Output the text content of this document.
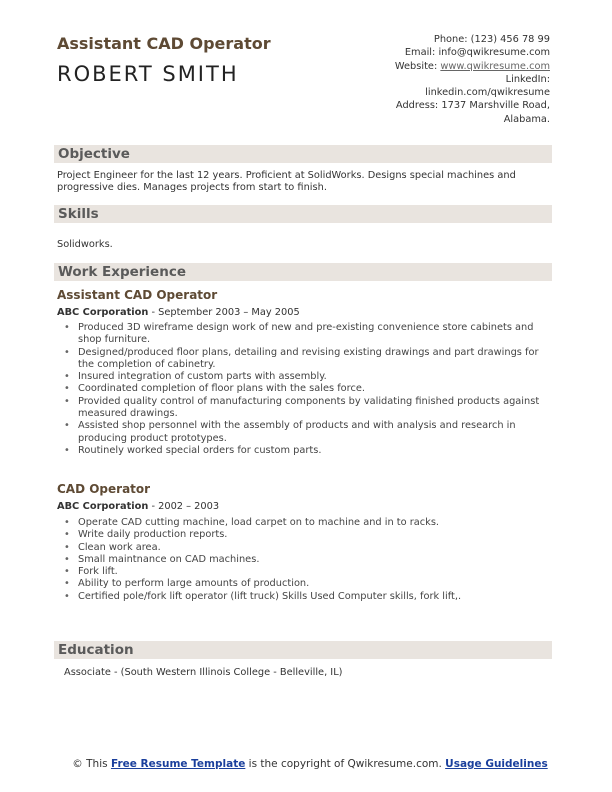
Assistant CAD Operator
ROBERT SMITH
Phone: (123) 456 78 99
Email: info@qwikresume.com
Website: www.qwikresume.com
LinkedIn:
linkedin.com/qwikresume
Address: 1737 Marshville Road,
Alabama.
Objective
Project Engineer for the last 12 years. Proficient at SolidWorks. Designs special machines and progressive dies. Manages projects from start to finish.
Skills
Solidworks.
Work Experience
Assistant CAD Operator
ABC Corporation - September 2003 – May 2005
• Produced 3D wireframe design work of new and pre-existing convenience store cabinets and shop furniture.
• Designed/produced floor plans, detailing and revising existing drawings and part drawings for the completion of cabinetry.
• Insured integration of custom parts with assembly.
• Coordinated completion of floor plans with the sales force.
• Provided quality control of manufacturing components by validating finished products against measured drawings.
• Assisted shop personnel with the assembly of products and with analysis and research in producing product prototypes.
• Routinely worked special orders for custom parts.
CAD Operator
ABC Corporation - 2002 – 2003
• Operate CAD cutting machine, load carpet on to machine and in to racks.
• Write daily production reports.
• Clean work area.
• Small maintnance on CAD machines.
• Fork lift.
• Ability to perform large amounts of production.
• Certified pole/fork lift operator (lift truck) Skills Used Computer skills, fork lift,.
Education
Associate - (South Western Illinois College - Belleville, IL)
© This Free Resume Template is the copyright of Qwikresume.com. Usage Guidelines
